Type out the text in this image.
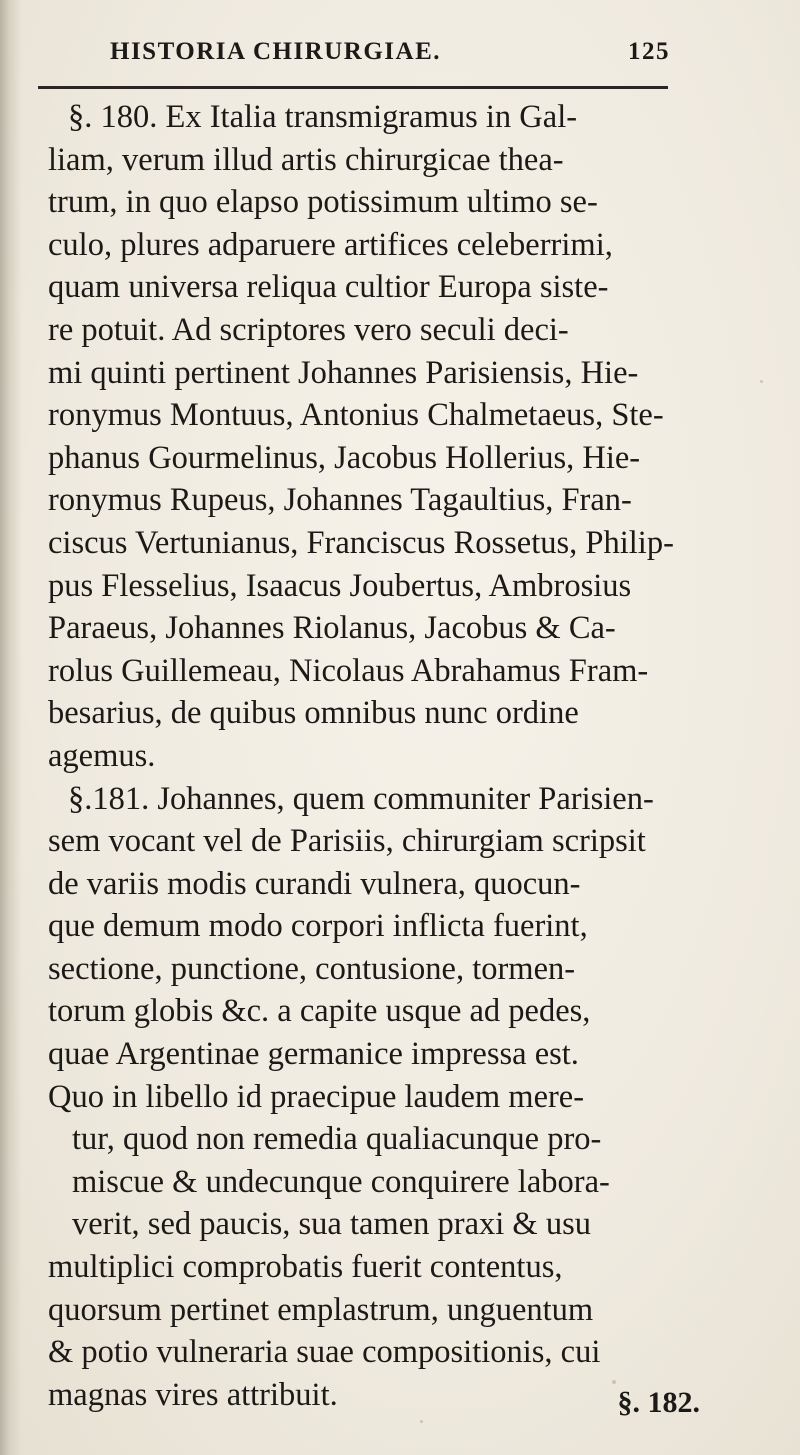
HISTORIA CHIRURGIAE.	125
§. 180. Ex Italia transmigramus in Gal-
liam, verum illud artis chirurgicae thea-
trum, in quo elapso potissimum ultimo se-
culo, plures adparuere artifices celeberrimi,
quam universa reliqua cultior Europa siste-
re potuit. Ad scriptores vero seculi deci-
mi quinti pertinent Johannes Parisiensis, Hie-
ronymus Montuus, Antonius Chalmetaeus, Ste-
phanus Gourmelinus, Jacobus Hollerius, Hie-
ronymus Rupeus, Johannes Tagaultius, Fran-
ciscus Vertunianus, Franciscus Rossetus, Philip-
pus Flesselius, Isaacus Joubertus, Ambrosius
Paraeus, Johannes Riolanus, Jacobus & Ca-
rolus Guillemeau, Nicolaus Abrahamus Fram-
besarius, de quibus omnibus nunc ordine
agemus.
§.181. Johannes, quem communiter Parisien-
sem vocant vel de Parisiis, chirurgiam scripsit
de variis modis curandi vulnera, quocun-
que demum modo corpori inflicta fuerint,
sectione, punctione, contusione, tormen-
torum globis &c. a capite usque ad pedes,
quae Argentinae germanice impressa est.
Quo in libello id praecipue laudem mere-
tur, quod non remedia qualiacunque pro-
miscue & undecunque conquirere labora-
verit, sed paucis, sua tamen praxi & usu
multiplici comprobatis fuerit contentus,
quorsum pertinet emplastrum, unguentum
& potio vulneraria suae compositionis, cui
magnas vires attribuit.	§. 182.
